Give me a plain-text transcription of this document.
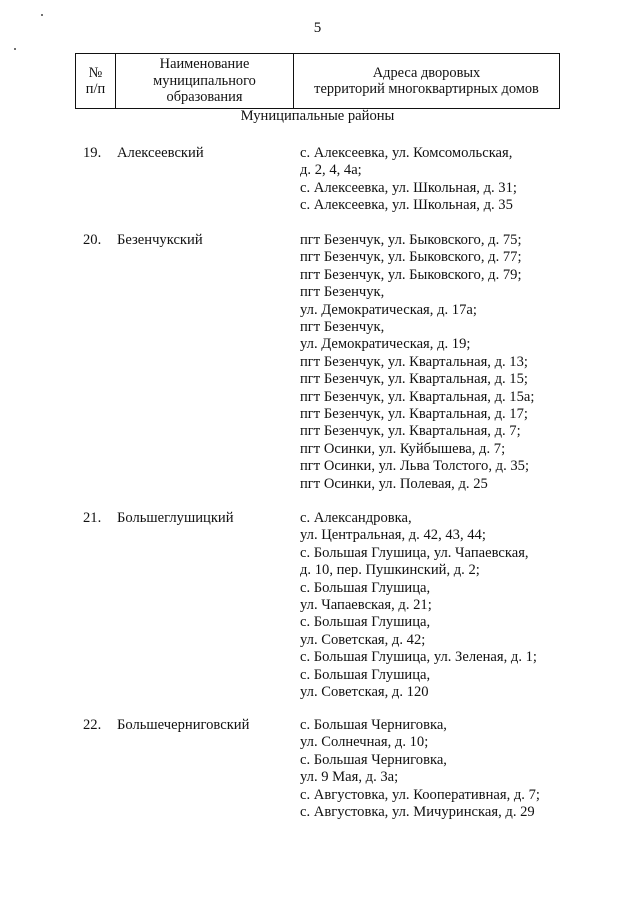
5
№
п/п

Наименование
муниципального
образования

Адреса дворовых
территорий многоквартирных домов
Муниципальные районы
19. Алексеевский	с. Алексеевка, ул. Комсомольская,
д. 2, 4, 4а;
с. Алексеевка, ул. Школьная, д. 31;
с. Алексеевка, ул. Школьная, д. 35
20. Безенчукский	пгт Безенчук, ул. Быковского, д. 75;
пгт Безенчук, ул. Быковского, д. 77;
пгт Безенчук, ул. Быковского, д. 79;
пгт Безенчук,
ул. Демократическая, д. 17а;
пгт Безенчук,
ул. Демократическая, д. 19;
пгт Безенчук, ул. Квартальная, д. 13;
пгт Безенчук, ул. Квартальная, д. 15;
пгт Безенчук, ул. Квартальная, д. 15а;
пгт Безенчук, ул. Квартальная, д. 17;
пгт Безенчук, ул. Квартальная, д. 7;
пгт Осинки, ул. Куйбышева, д. 7;
пгт Осинки, ул. Льва Толстого, д. 35;
пгт Осинки, ул. Полевая, д. 25
21. Большеглушицкий	с. Александровка,
ул. Центральная, д. 42, 43, 44;
с. Большая Глушица, ул. Чапаевская,
д. 10, пер. Пушкинский, д. 2;
с. Большая Глушица,
ул. Чапаевская, д. 21;
с. Большая Глушица,
ул. Советская, д. 42;
с. Большая Глушица, ул. Зеленая, д. 1;
с. Большая Глушица,
ул. Советская, д. 120
22. Большечерниговский	с. Большая Черниговка,
ул. Солнечная, д. 10;
с. Большая Черниговка,
ул. 9 Мая, д. 3а;
с. Августовка, ул. Кооперативная, д. 7;
с. Августовка, ул. Мичуринская, д. 29
